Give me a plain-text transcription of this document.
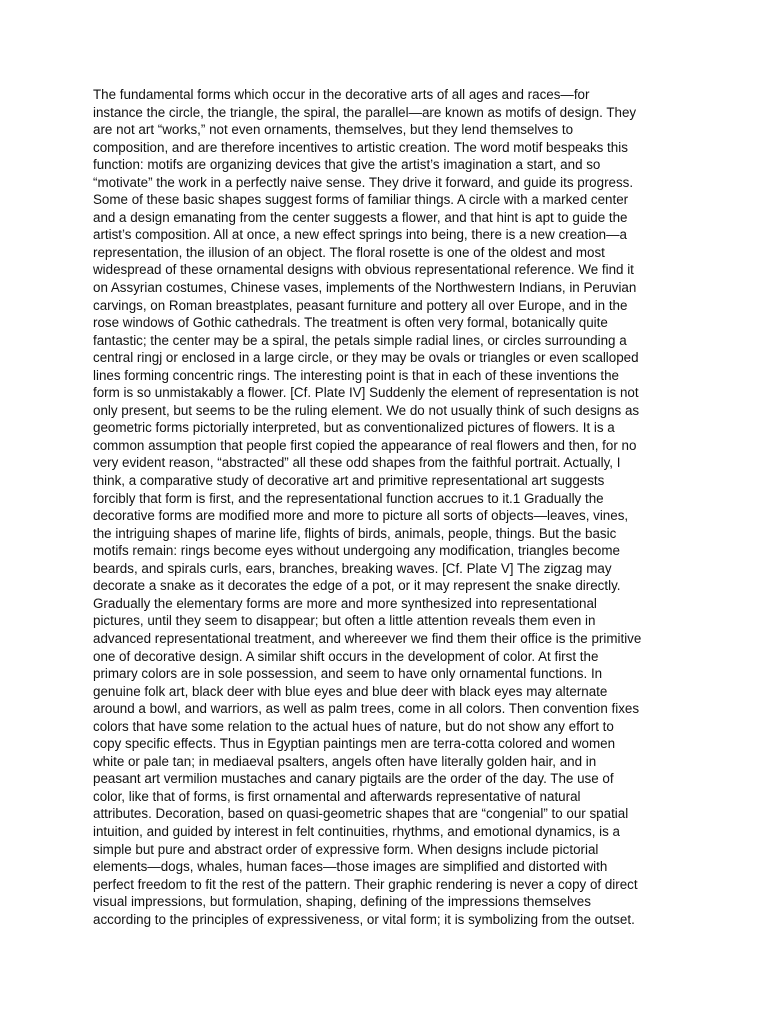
The fundamental forms which occur in the decorative arts of all ages and races—for
instance the circle, the triangle, the spiral, the parallel—are known as motifs of design. They
are not art “works,” not even ornaments, themselves, but they lend themselves to
composition, and are therefore incentives to artistic creation. The word motif bespeaks this
function: motifs are organizing devices that give the artist’s imagination a start, and so
“motivate” the work in a perfectly naive sense. They drive it forward, and guide its progress.
Some of these basic shapes suggest forms of familiar things. A circle with a marked center
and a design emanating from the center suggests a flower, and that hint is apt to guide the
artist’s composition. All at once, a new effect springs into being, there is a new creation—a
representation, the illusion of an object. The floral rosette is one of the oldest and most
widespread of these ornamental designs with obvious representational reference. We find it
on Assyrian costumes, Chinese vases, implements of the Northwestern Indians, in Peruvian
carvings, on Roman breastplates, peasant furniture and pottery all over Europe, and in the
rose windows of Gothic cathedrals. The treatment is often very formal, botanically quite
fantastic; the center may be a spiral, the petals simple radial lines, or circles surrounding a
central ringj or enclosed in a large circle, or they may be ovals or triangles or even scalloped
lines forming concentric rings. The interesting point is that in each of these inventions the
form is so unmistakably a flower. [Cf. Plate IV] Suddenly the element of representation is not
only present, but seems to be the ruling element. We do not usually think of such designs as
geometric forms pictorially interpreted, but as conventionalized pictures of flowers. It is a
common assumption that people first copied the appearance of real flowers and then, for no
very evident reason, “abstracted” all these odd shapes from the faithful portrait. Actually, I
think, a comparative study of decorative art and primitive representational art suggests
forcibly that form is first, and the representational function accrues to it.1 Gradually the
decorative forms are modified more and more to picture all sorts of objects—leaves, vines,
the intriguing shapes of marine life, flights of birds, animals, people, things. But the basic
motifs remain: rings become eyes without undergoing any modification, triangles become
beards, and spirals curls, ears, branches, breaking waves. [Cf. Plate V] The zigzag may
decorate a snake as it decorates the edge of a pot, or it may represent the snake directly.
Gradually the elementary forms are more and more synthesized into representational
pictures, until they seem to disappear; but often a little attention reveals them even in
advanced representational treatment, and whereever we find them their office is the primitive
one of decorative design. A similar shift occurs in the development of color. At first the
primary colors are in sole possession, and seem to have only ornamental functions. In
genuine folk art, black deer with blue eyes and blue deer with black eyes may alternate
around a bowl, and warriors, as well as palm trees, come in all colors. Then convention fixes
colors that have some relation to the actual hues of nature, but do not show any effort to
copy specific effects. Thus in Egyptian paintings men are terra-cotta colored and women
white or pale tan; in mediaeval psalters, angels often have literally golden hair, and in
peasant art vermilion mustaches and canary pigtails are the order of the day. The use of
color, like that of forms, is first ornamental and afterwards representative of natural
attributes. Decoration, based on quasi-geometric shapes that are “congenial” to our spatial
intuition, and guided by interest in felt continuities, rhythms, and emotional dynamics, is a
simple but pure and abstract order of expressive form. When designs include pictorial
elements—dogs, whales, human faces—those images are simplified and distorted with
perfect freedom to fit the rest of the pattern. Their graphic rendering is never a copy of direct
visual impressions, but formulation, shaping, defining of the impressions themselves
according to the principles of expressiveness, or vital form; it is symbolizing from the outset.
